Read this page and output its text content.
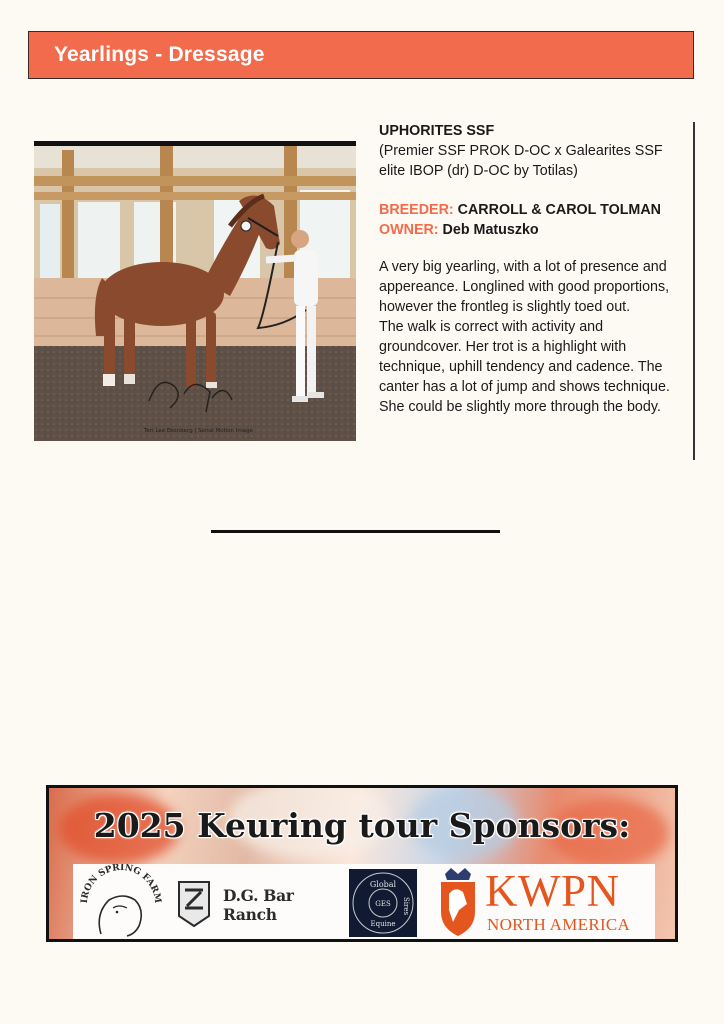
Yearlings - Dressage
Teri Lee Ekenberg | Serial Motion Image
UPHORITES SSF

(Premier SSF PROK D-OC x Galearites SSF elite IBOP (dr) D-OC by Totilas)

BREEDER: CARROLL & CAROL TOLMAN
OWNER: Deb Matuszko

A very big yearling, with a lot of presence and appereance. Longlined with good proportions, however the frontleg is slightly toed out.

The walk is correct with activity and groundcover. Her trot is a highlight with technique, uphill tendency and cadence. The canter has a lot of jump and shows technique. She could be slightly more through the body.

2025 Keuring tour Sponsors:
IRON SPRING FARM	D.G. Bar Ranch
Global
Sires
Equine
GES KWPN
NORTH AMERICA
